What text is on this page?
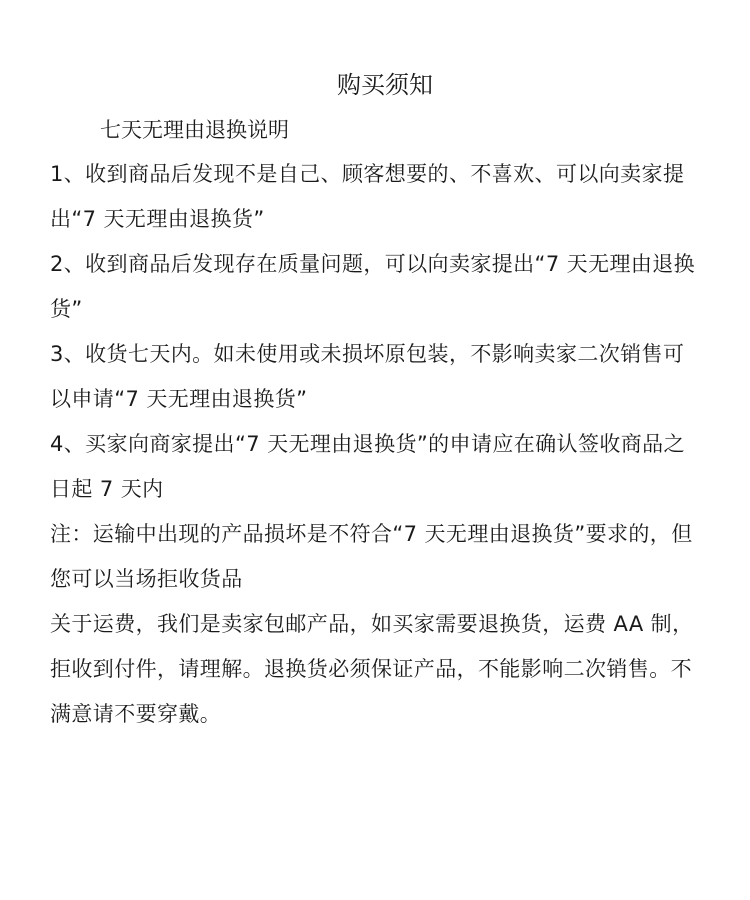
购买须知

七天无理由退换说明

1、收到商品后发现不是自己、顾客想要的、不喜欢、可以向卖家提出“7 天无理由退换货”

2、收到商品后发现存在质量问题，可以向卖家提出“7 天无理由退换货”

3、收货七天内。如未使用或未损坏原包装，不影响卖家二次销售可以申请“7 天无理由退换货”

4、买家向商家提出“7 天无理由退换货”的申请应在确认签收商品之日起 7 天内

注：运输中出现的产品损坏是不符合“7 天无理由退换货”要求的，但您可以当场拒收货品

关于运费，我们是卖家包邮产品，如买家需要退换货，运费 AA 制，拒收到付件，请理解。退换货必须保证产品，不能影响二次销售。不满意请不要穿戴。
